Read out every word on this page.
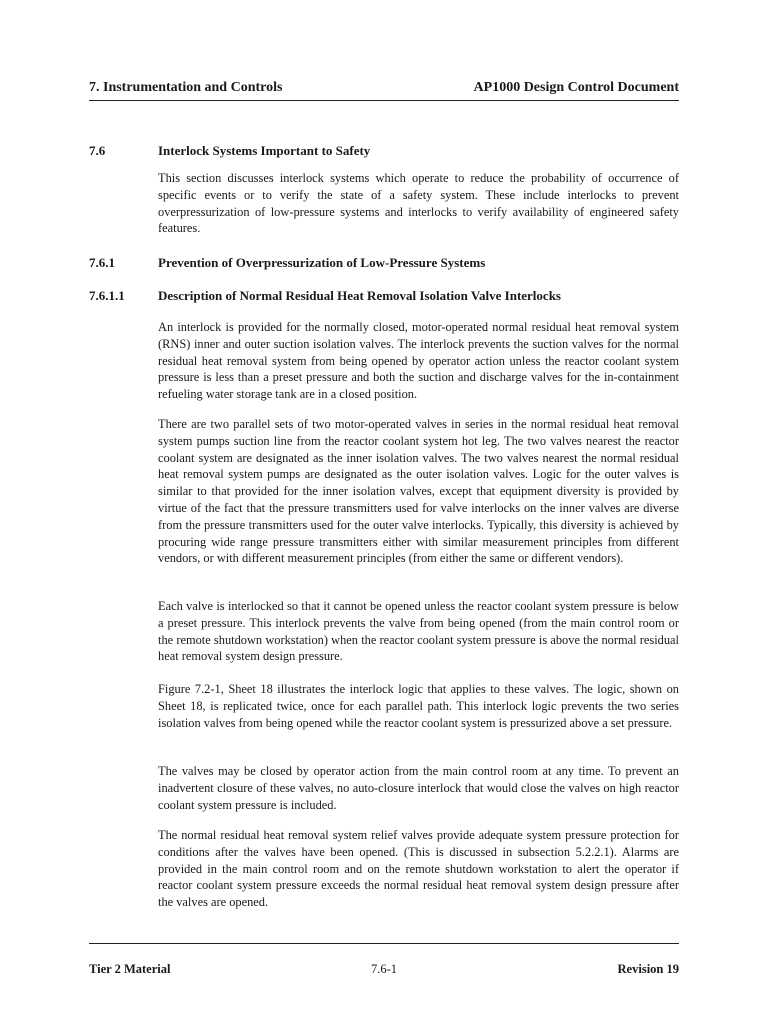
7. Instrumentation and Controls	AP1000 Design Control Document
7.6	Interlock Systems Important to Safety

This section discusses interlock systems which operate to reduce the probability of occurrence of specific events or to verify the state of a safety system. These include interlocks to prevent overpressurization of low-pressure systems and interlocks to verify availability of engineered safety features.

7.6.1	Prevention of Overpressurization of Low-Pressure Systems
7.6.1.1	Description of Normal Residual Heat Removal Isolation Valve Interlocks

An interlock is provided for the normally closed, motor-operated normal residual heat removal system (RNS) inner and outer suction isolation valves. The interlock prevents the suction valves for the normal residual heat removal system from being opened by operator action unless the reactor coolant system pressure is less than a preset pressure and both the suction and discharge valves for the in-containment refueling water storage tank are in a closed position.

There are two parallel sets of two motor-operated valves in series in the normal residual heat removal system pumps suction line from the reactor coolant system hot leg. The two valves nearest the reactor coolant system are designated as the inner isolation valves. The two valves nearest the normal residual heat removal system pumps are designated as the outer isolation valves. Logic for the outer valves is similar to that provided for the inner isolation valves, except that equipment diversity is provided by virtue of the fact that the pressure transmitters used for valve interlocks on the inner valves are diverse from the pressure transmitters used for the outer valve interlocks. Typically, this diversity is achieved by procuring wide range pressure transmitters either with similar measurement principles from different vendors, or with different measurement principles (from either the same or different vendors).

Each valve is interlocked so that it cannot be opened unless the reactor coolant system pressure is below a preset pressure. This interlock prevents the valve from being opened (from the main control room or the remote shutdown workstation) when the reactor coolant system pressure is above the normal residual heat removal system design pressure.

Figure 7.2-1, Sheet 18 illustrates the interlock logic that applies to these valves. The logic, shown on Sheet 18, is replicated twice, once for each parallel path. This interlock logic prevents the two series isolation valves from being opened while the reactor coolant system is pressurized above a set pressure.

The valves may be closed by operator action from the main control room at any time. To prevent an inadvertent closure of these valves, no auto-closure interlock that would close the valves on high reactor coolant system pressure is included.

The normal residual heat removal system relief valves provide adequate system pressure protection for conditions after the valves have been opened. (This is discussed in subsection 5.2.2.1). Alarms are provided in the main control room and on the remote shutdown workstation to alert the operator if reactor coolant system pressure exceeds the normal residual heat removal system design pressure after the valves are opened.

Tier 2 Material	7.6-1	Revision 19
